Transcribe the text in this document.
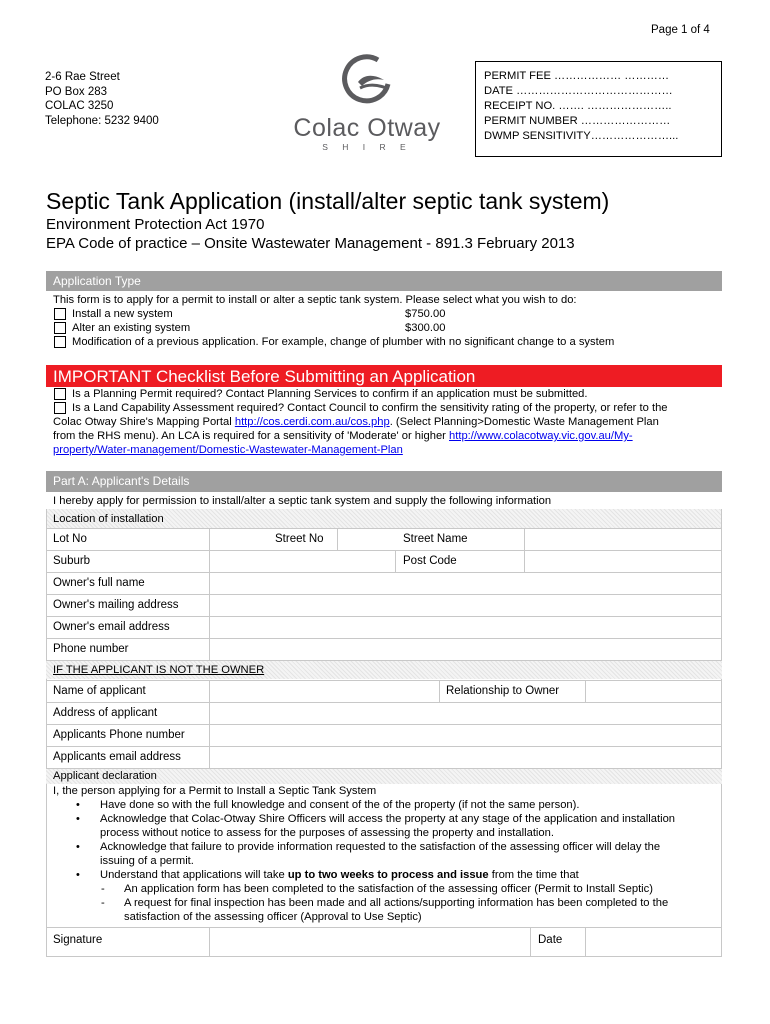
Page 1 of 4
2-6 Rae Street
PO Box 283
COLAC 3250
Telephone: 5232 9400	Colac Otway
S H I R E
PERMIT FEE ……………… …………
DATE ……………………………………
RECEIPT NO. ……. …………………..
PERMIT NUMBER ……………………
DWMP SENSITIVITY…………………...
Septic Tank Application (install/alter septic tank system)
Environment Protection Act 1970
EPA Code of practice – Onsite Wastewater Management - 891.3 February 2013
Application Type
This form is to apply for a permit to install or alter a septic tank system. Please select what you wish to do:
Install a new system	$750.00
Alter an existing system	$300.00
Modification of a previous application. For example, change of plumber with no significant change to a system
IMPORTANT Checklist Before Submitting an Application
Is a Planning Permit required? Contact Planning Services to confirm if an application must be submitted.
Is a Land Capability Assessment required? Contact Council to confirm the sensitivity rating of the property, or refer to the
Colac Otway Shire's Mapping Portal http://cos.cerdi.com.au/cos.php. (Select Planning>Domestic Waste Management Plan
from the RHS menu). An LCA is required for a sensitivity of 'Moderate' or higher http://www.colacotway.vic.gov.au/My-
property/Water-management/Domestic-Wastewater-Management-Plan
Part A: Applicant's Details
I hereby apply for permission to install/alter a septic tank system and supply the following information
Location of installation
Lot No	Street No	Street Name
Suburb	Post Code
Owner's full name
Owner's mailing address
Owner's email address
Phone number
IF THE APPLICANT IS NOT THE OWNER
Name of applicant	Relationship to Owner
Address of applicant
Applicants Phone number
Applicants email address
Applicant declaration
I, the person applying for a Permit to Install a Septic Tank System
• Have done so with the full knowledge and consent of the of the property (if not the same person).
• Acknowledge that Colac-Otway Shire Officers will access the property at any stage of the application and installation
process without notice to assess for the purposes of assessing the property and installation.
• Acknowledge that failure to provide information requested to the satisfaction of the assessing officer will delay the
issuing of a permit.
• Understand that applications will take up to two weeks to process and issue from the time that
- An application form has been completed to the satisfaction of the assessing officer (Permit to Install Septic)
- A request for final inspection has been made and all actions/supporting information has been completed to the
satisfaction of the assessing officer (Approval to Use Septic)
Signature	Date
